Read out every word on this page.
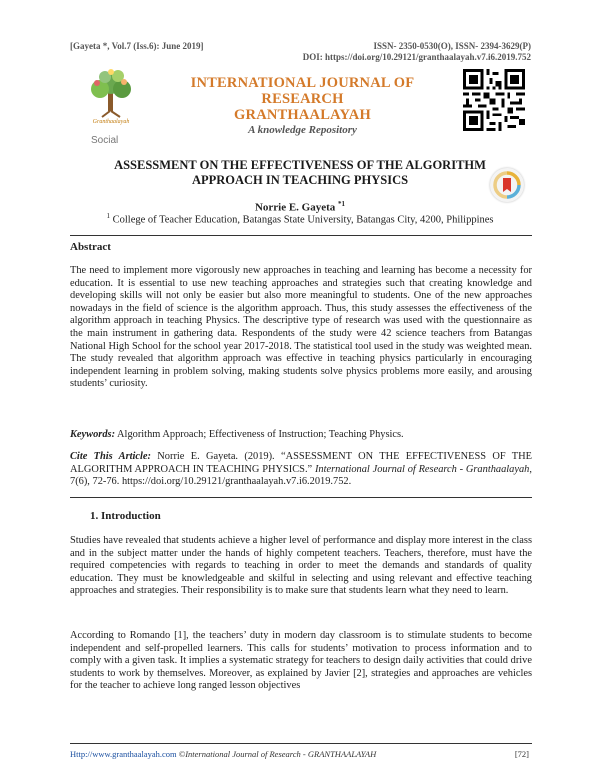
[Gayeta *, Vol.7 (Iss.6): June 2019]	ISSN- 2350-0530(O), ISSN- 2394-3629(P)
DOI: https://doi.org/10.29121/granthaalayah.v7.i6.2019.752
Granthaalayah
INTERNATIONAL JOURNAL OF RESEARCH
GRANTHAALAYAH
A knowledge Repository
Social
ASSESSMENT ON THE EFFECTIVENESS OF THE ALGORITHM
APPROACH IN TEACHING PHYSICS
Norrie E. Gayeta $^{*1}$
$^1$ College of Teacher Education, Batangas State University, Batangas City, 4200, Philippines
Abstract
The need to implement more vigorously new approaches in teaching and learning has become a necessity for education. It is essential to use new teaching approaches and strategies such that creating knowledge and developing skills will not only be easier but also more meaningful to students. One of the new approaches nowadays in the field of science is the algorithm approach. Thus, this study assesses the effectiveness of the algorithm approach in teaching Physics. The descriptive type of research was used with the questionnaire as the main instrument in gathering data. Respondents of the study were 42 science teachers from Batangas National High School for the school year 2017-2018. The statistical tool used in the study was weighted mean. The study revealed that algorithm approach was effective in teaching physics particularly in encouraging independent learning in problem solving, making students solve physics problems more easily, and arousing students’ curiosity.
Keywords: Algorithm Approach; Effectiveness of Instruction; Teaching Physics.
Cite This Article: Norrie E. Gayeta. (2019). “ASSESSMENT ON THE EFFECTIVENESS OF THE ALGORITHM APPROACH IN TEACHING PHYSICS.” International Journal of Research - Granthaalayah, 7(6), 72-76. https://doi.org/10.29121/granthaalayah.v7.i6.2019.752.
1. Introduction
Studies have revealed that students achieve a higher level of performance and display more interest in the class and in the subject matter under the hands of highly competent teachers. Teachers, therefore, must have the required competencies with regards to teaching in order to meet the demands and standards of quality education. They must be knowledgeable and skilful in selecting and using relevant and effective teaching approaches and strategies. Their responsibility is to make sure that students learn what they need to learn.
According to Romando [1], the teachers’ duty in modern day classroom is to stimulate students to become independent and self-propelled learners. This calls for students’ motivation to process information and to comply with a given task. It implies a systematic strategy for teachers to design daily activities that could drive students to work by themselves. Moreover, as explained by Javier [2], strategies and approaches are vehicles for the teacher to achieve long ranged lesson objectives
Http://www.granthaalayah.com ©International Journal of Research - GRANTHAALAYAH	[72]
